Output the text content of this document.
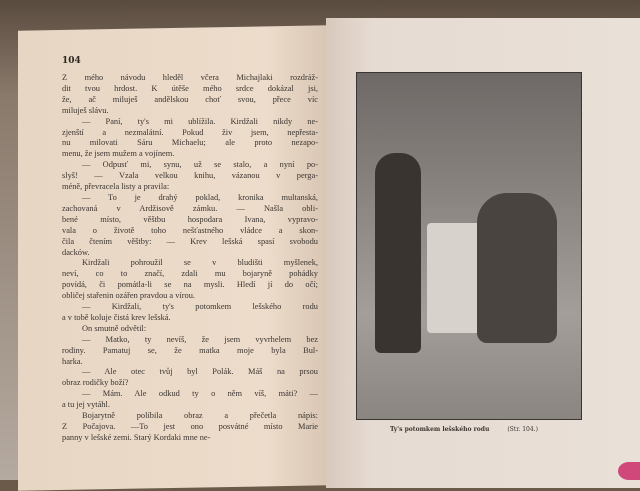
104
Z mého návodu hleděl včera Michajlaki rozdráž-
dit tvou hrdost. K útěše mého srdce dokázal jsi,
že, ač miluješ andělskou choť svou, přece víc
miluješ slávu.
— Paní, ty's mi ublížila. Kirdžali nikdy ne-
zjenští a nezmalátní. Pokud živ jsem, nepřesta-
nu milovati Sáru Michaelu; ale proto nezapo-
menu, že jsem mužem a vojínem.
— Odpusť mi, synu, už se stalo, a nyní po-
slyš! — Vzala velkou knihu, vázanou v perga-
méně, převracela listy a pravila:
— To je drahý poklad, kronika multanská,
zachovaná v Ardžisově zámku. — Našla obli-
bené místo, věštbu hospodara Ivana, vypravo-
vala o životě toho nešťastného vládce a skon-
čila čtením věštby: — Krev lešská spasí svobodu
dacków.
Kirdžali pohroužil se v bludišti myšlenek,
neví, co to značí, zdali mu bojaryně pohádky
povídá, či pomátla-li se na mysli. Hledí jí do očí;
obličej stařenin ozářen pravdou a vírou.
— Kirdžali, ty's potomkem lešského rodu
a v tobě koluje čistá krev lešská.
On smutně odvětil:
— Matko, ty nevíš, že jsem vyvrhelem bez
rodiny. Pamatuj se, že matka moje byla Bul-
harka.
— Ale otec tvůj byl Polák. Máš na prsou
obraz rodičky boží?
— Mám. Ale odkud ty o něm víš, máti? —
a tu jej vytáhl.
Bojarytně políbila obraz a přečetla nápis:
Z Počajova. —To jest ono posvátné místo Marie
panny v lešské zemi. Starý Kordaki mne ne-
Ty's potomkem lešského rodu	(Str. 104.)
